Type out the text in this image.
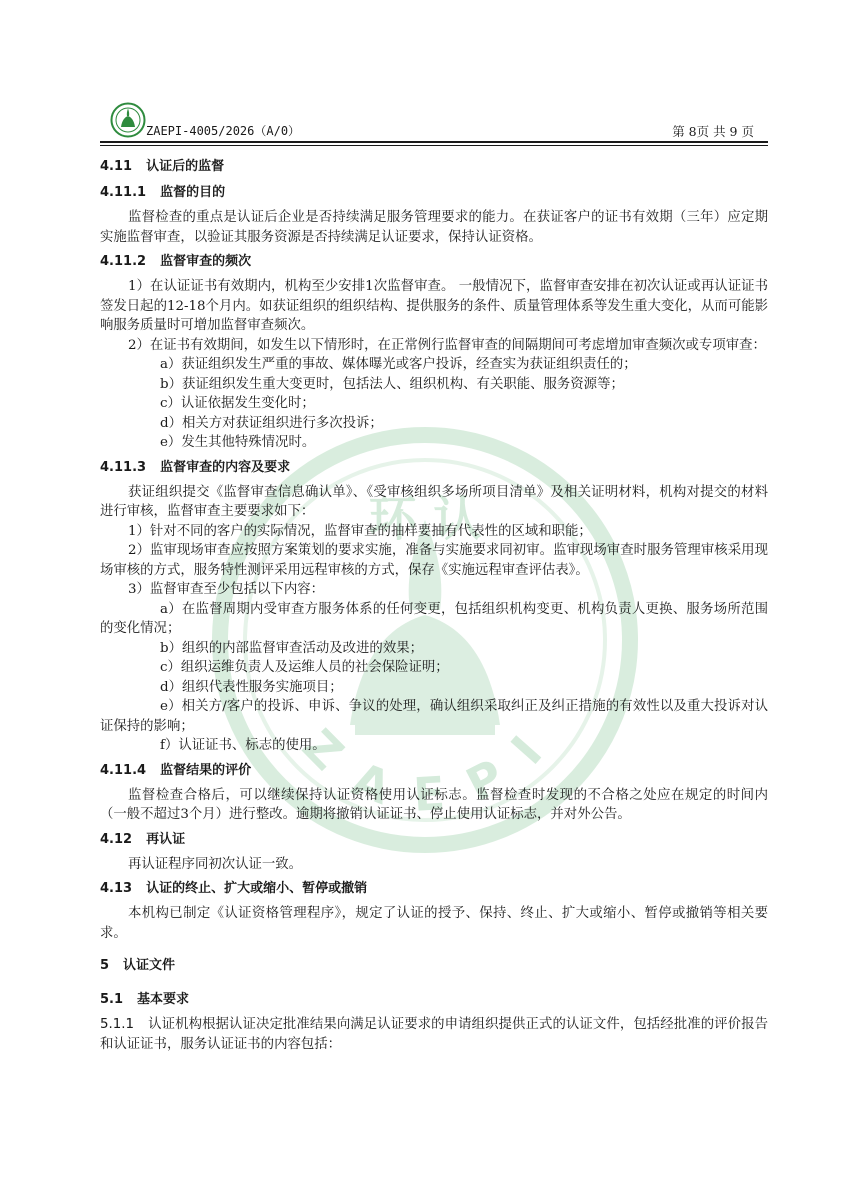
环 认
Z A E P I
ZAEPI-4005/2026（A/0）	第 8页 共 9 页

4.11 认证后的监督

4.11.1 监督的目的

监督检查的重点是认证后企业是否持续满足服务管理要求的能力。在获证客户的证书有效期（三年）应定期实施监督审查，以验证其服务资源是否持续满足认证要求，保持认证资格。

4.11.2 监督审查的频次

1）在认证证书有效期内，机构至少安排1次监督审查。 一般情况下，监督审查安排在初次认证或再认证证书签发日起的12-18个月内。如获证组织的组织结构、提供服务的条件、质量管理体系等发生重大变化，从而可能影响服务质量时可增加监督审查频次。

2）在证书有效期间，如发生以下情形时，在正常例行监督审查的间隔期间可考虑增加审查频次或专项审查：

a）获证组织发生严重的事故、媒体曝光或客户投诉，经查实为获证组织责任的；

b）获证组织发生重大变更时，包括法人、组织机构、有关职能、服务资源等；

c）认证依据发生变化时；

d）相关方对获证组织进行多次投诉；

e）发生其他特殊情况时。

4.11.3 监督审查的内容及要求

获证组织提交《监督审查信息确认单》、《受审核组织多场所项目清单》及相关证明材料，机构对提交的材料进行审核，监督审查主要要求如下：

1）针对不同的客户的实际情况，监督审查的抽样要抽有代表性的区域和职能；

2）监审现场审查应按照方案策划的要求实施，准备与实施要求同初审。监审现场审查时服务管理审核采用现场审核的方式，服务特性测评采用远程审核的方式，保存《实施远程审查评估表》。

3）监督审查至少包括以下内容：

a）在监督周期内受审查方服务体系的任何变更，包括组织机构变更、机构负责人更换、服务场所范围的变化情况；

b）组织的内部监督审查活动及改进的效果；

c）组织运维负责人及运维人员的社会保险证明；

d）组织代表性服务实施项目；

e）相关方/客户的投诉、申诉、争议的处理，确认组织采取纠正及纠正措施的有效性以及重大投诉对认证保持的影响；

f）认证证书、标志的使用。

4.11.4 监督结果的评价

监督检查合格后，可以继续保持认证资格使用认证标志。监督检查时发现的不合格之处应在规定的时间内（一般不超过3个月）进行整改。逾期将撤销认证证书、停止使用认证标志，并对外公告。

4.12 再认证

再认证程序同初次认证一致。

4.13 认证的终止、扩大或缩小、暂停或撤销

本机构已制定《认证资格管理程序》，规定了认证的授予、保持、终止、扩大或缩小、暂停或撤销等相关要求。

5 认证文件

5.1 基本要求

5.1.1 认证机构根据认证决定批准结果向满足认证要求的申请组织提供正式的认证文件，包括经批准的评价报告和认证证书，服务认证证书的内容包括：
